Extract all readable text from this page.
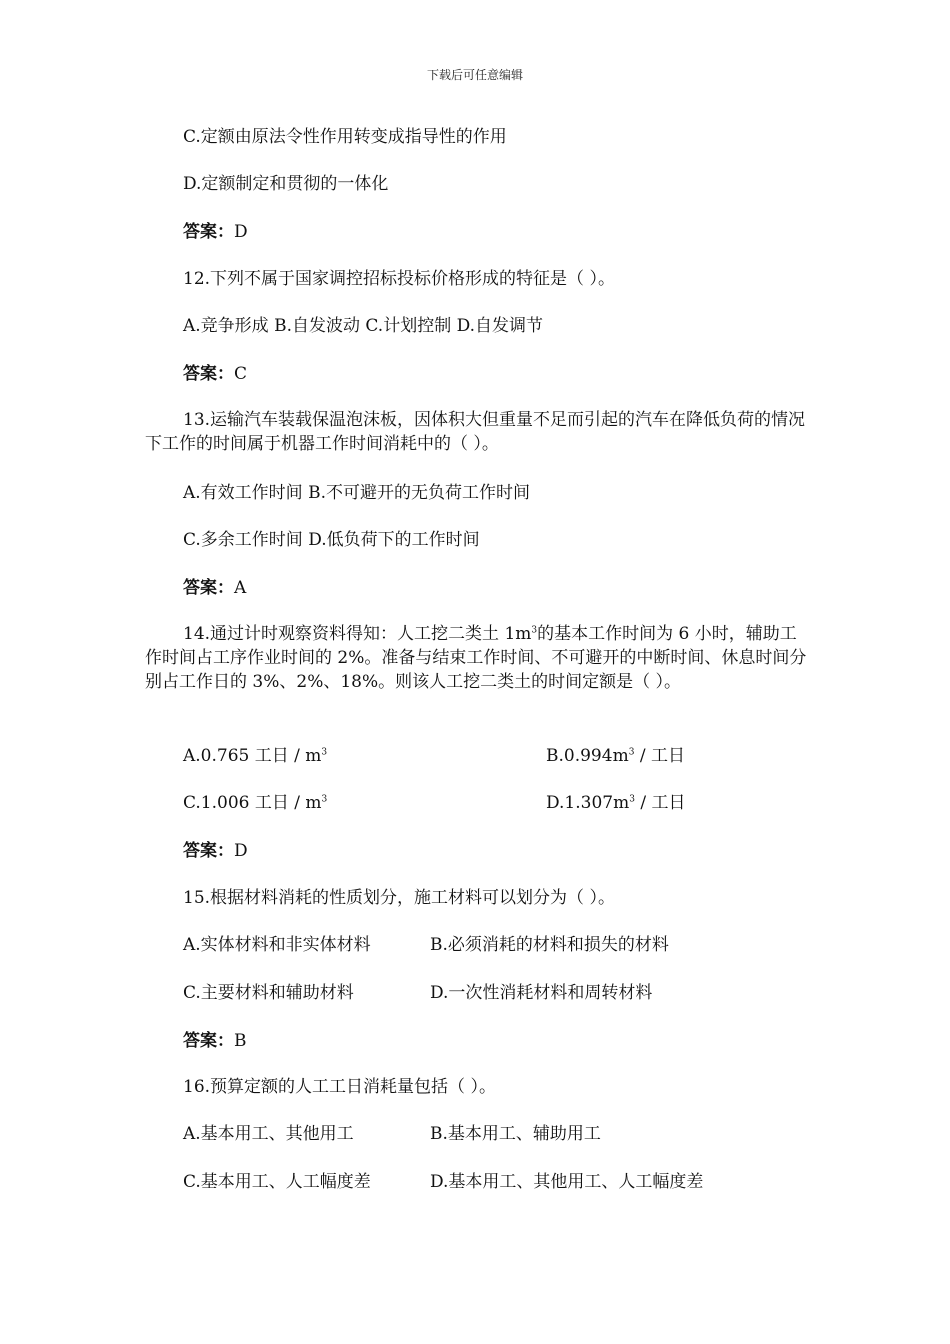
下载后可任意编辑
C.定额由原法令性作用转变成指导性的作用
D.定额制定和贯彻的一体化
答案：D
12.下列不属于国家调控招标投标价格形成的特征是（ ）。
A.竞争形成 B.自发波动 C.计划控制 D.自发调节
答案：C
13.运输汽车装载保温泡沫板，因体积大但重量不足而引起的汽车在降低负荷的情况下工作的时间属于机器工作时间消耗中的（ ）。
A.有效工作时间 B.不可避开的无负荷工作时间
C.多余工作时间 D.低负荷下的工作时间
答案：A
14.通过计时观察资料得知：人工挖二类土 $1m^3$的基本工作时间为 6 小时，辅助工作时间占工序作业时间的 2%。准备与结束工作时间、不可避开的中断时间、休息时间分别占工作日的 3%、2%、18%。则该人工挖二类土的时间定额是（ ）。
A.0.765 工日 / $m^3$	$B.0.994m^3$ / 工日
C.1.006 工日 / $m^3$	$D.1.307m^3$ / 工日
答案：D
15.根据材料消耗的性质划分，施工材料可以划分为（ ）。
A.实体材料和非实体材料	B.必须消耗的材料和损失的材料
C.主要材料和辅助材料	D.一次性消耗材料和周转材料
答案：B
16.预算定额的人工工日消耗量包括（ ）。
A.基本用工、其他用工	B.基本用工、辅助用工
C.基本用工、人工幅度差	D.基本用工、其他用工、人工幅度差
